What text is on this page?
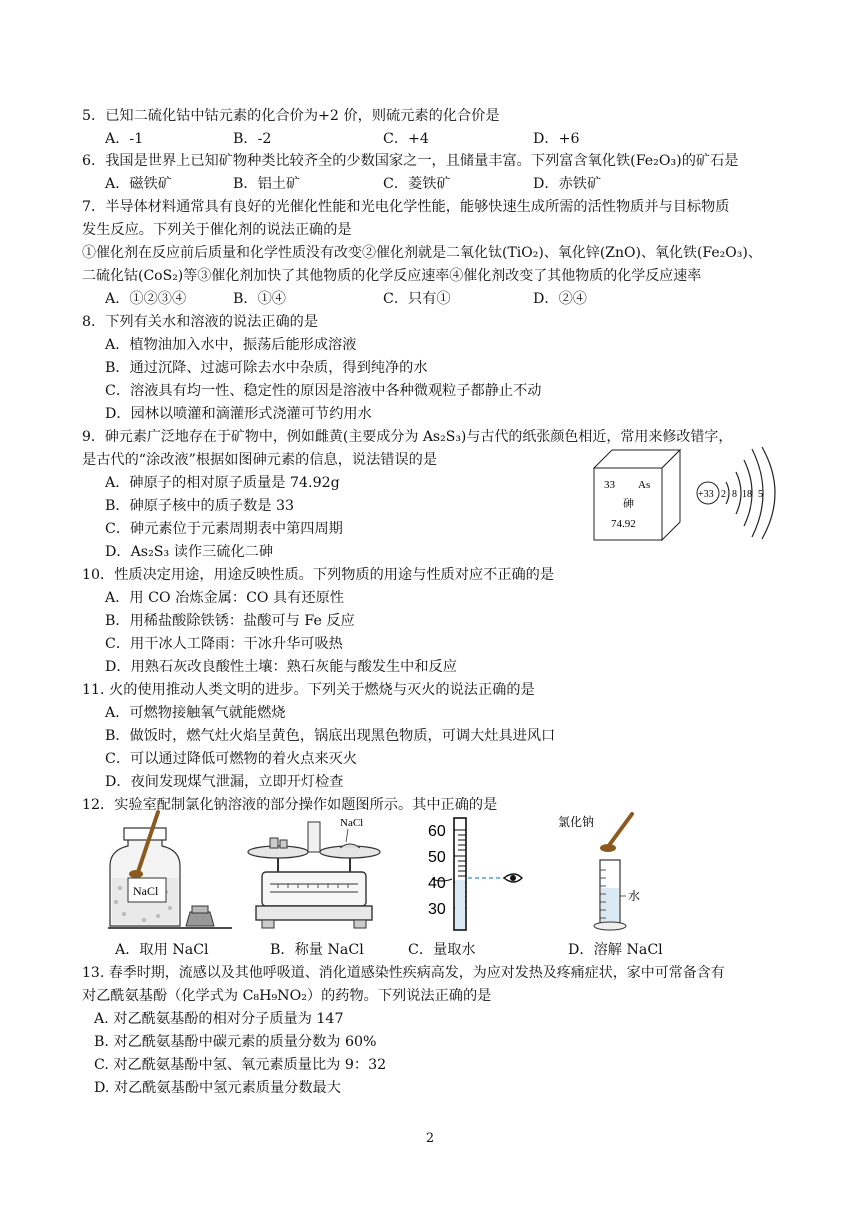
5．已知二硫化钴中钴元素的化合价为+2 价，则硫元素的化合价是
A．-1	B．-2	C．+4	D．+6
6．我国是世界上已知矿物种类比较齐全的少数国家之一，且储量丰富。下列富含氧化铁(Fe₂O₃)的矿石是
A．磁铁矿	B．铝土矿	C．菱铁矿	D．赤铁矿
7．半导体材料通常具有良好的光催化性能和光电化学性能，能够快速生成所需的活性物质并与目标物质
发生反应。下列关于催化剂的说法正确的是
①催化剂在反应前后质量和化学性质没有改变②催化剂就是二氧化钛(TiO₂)、氧化锌(ZnO)、氧化铁(Fe₂O₃)、
二硫化钴(CoS₂)等③催化剂加快了其他物质的化学反应速率④催化剂改变了其他物质的化学反应速率
A．①②③④	B．①④	C．只有①	D．②④
8．下列有关水和溶液的说法正确的是
A．植物油加入水中，振荡后能形成溶液
B．通过沉降、过滤可除去水中杂质，得到纯净的水
C．溶液具有均一性、稳定性的原因是溶液中各种微观粒子都静止不动
D．园林以喷灌和滴灌形式浇灌可节约用水
9．砷元素广泛地存在于矿物中，例如雌黄(主要成分为 As₂S₃)与古代的纸张颜色相近，常用来修改错字，
是古代的“涂改液”根据如图砷元素的信息，说法错误的是
A．砷原子的相对原子质量是 74.92g
B．砷原子核中的质子数是 33
C．砷元素位于元素周期表中第四周期
D．As₂S₃ 读作三硫化二砷
33 As
砷
74.92
+33 2 8 18 5
10．性质决定用途，用途反映性质。下列物质的用途与性质对应不正确的是
A．用 CO 冶炼金属：CO 具有还原性
B．用稀盐酸除铁锈：盐酸可与 Fe 反应
C．用干冰人工降雨：干冰升华可吸热
D．用熟石灰改良酸性土壤：熟石灰能与酸发生中和反应
11. 火的使用推动人类文明的进步。下列关于燃烧与灭火的说法正确的是
A．可燃物接触氧气就能燃烧
B．做饭时，燃气灶火焰呈黄色，锅底出现黑色物质，可调大灶具进风口
C．可以通过降低可燃物的着火点来灭火
D．夜间发现煤气泄漏，立即开灯检查
12．实验室配制氯化钠溶液的部分操作如题图所示。其中正确的是
NaCl
NaCl	60
50
40
30
氯化钠
水
A．取用 NaCl	B．称量 NaCl	C．量取水	D．溶解 NaCl
13. 春季时期，流感以及其他呼吸道、消化道感染性疾病高发，为应对发热及疼痛症状，家中可常备含有
对乙酰氨基酚（化学式为 C₈H₉NO₂）的药物。下列说法正确的是
A. 对乙酰氨基酚的相对分子质量为 147
B. 对乙酰氨基酚中碳元素的质量分数为 60%
C. 对乙酰氨基酚中氢、氧元素质量比为 9：32
D. 对乙酰氨基酚中氢元素质量分数最大
2
